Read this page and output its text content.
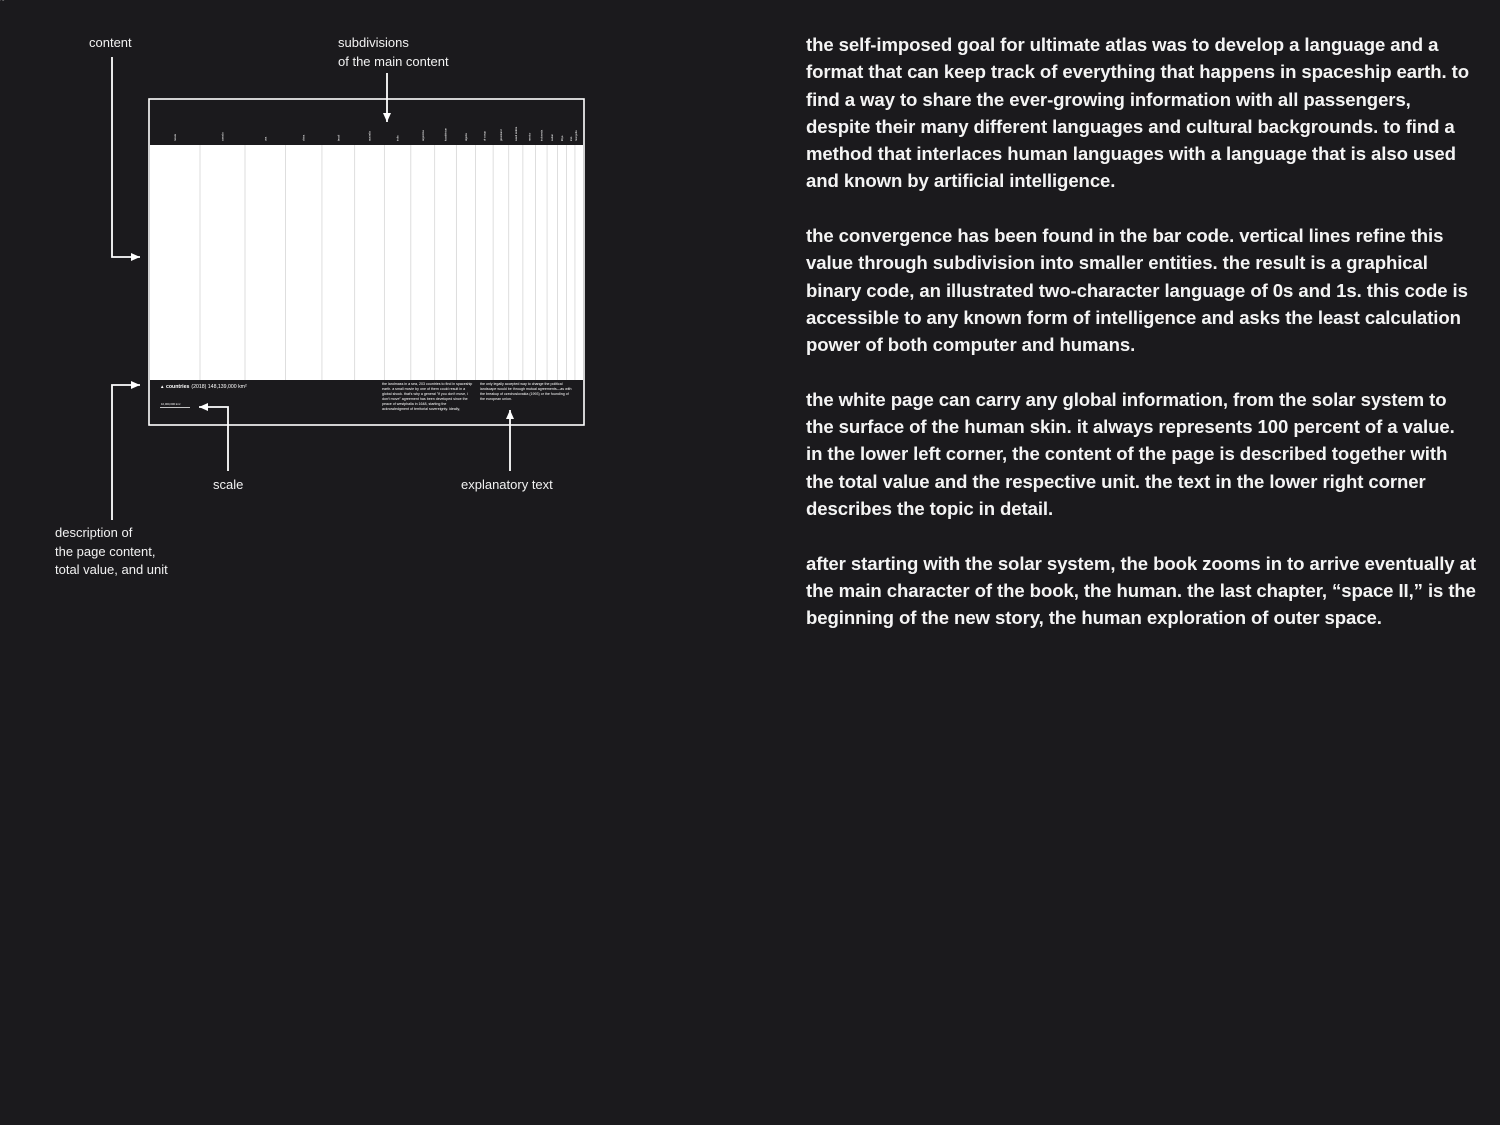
content	subdivisions
of the main content

scale	explanatory text

description of
the page content,
total value, and unit

russia	canada	usa	china	brazil	australia	india	argentina	kazakhstan	algeria	dr congo	greenland	saudi arabia	mexico	indonesia	sudan	libya	iran mongolia
▲ countries (2018) 148,139,000 km²
10,000,000 km²
the landmass in a sea, 203 countries to find in spaceship earth. a small movie by one of them could result in a global shock. that's why a general "if you don't move, i don't move" agreement has been developed since the peace of westphalia in 1648, starting the acknowledgment of territorial sovereignty. ideally,
the only legally accepted way to change the political landscape would be through mutual agreements—as with the breakup of czechoslovakia (1993) or the founding of the european union.

the self-imposed goal for ultimate atlas was to develop a language and a format that can keep track of everything that happens in spaceship earth. to find a way to share the ever-growing information with all passengers, despite their many different languages and cultural backgrounds. to find a method that interlaces human languages with a language that is also used and known by artificial intelligence.

the convergence has been found in the bar code. vertical lines refine this value through subdivision into smaller entities. the result is a graphical binary code, an illustrated two-character language of 0s and 1s. this code is accessible to any known form of intelligence and asks the least calculation power of both computer and humans.

the white page can carry any global information, from the solar system to the surface of the human skin. it always represents 100 percent of a value. in the lower left corner, the content of the page is described together with the total value and the respective unit. the text in the lower right corner describes the topic in detail.

after starting with the solar system, the book zooms in to arrive eventually at the main character of the book, the human. the last chapter, “space II,” is the beginning of the new story, the human exploration of outer space.
